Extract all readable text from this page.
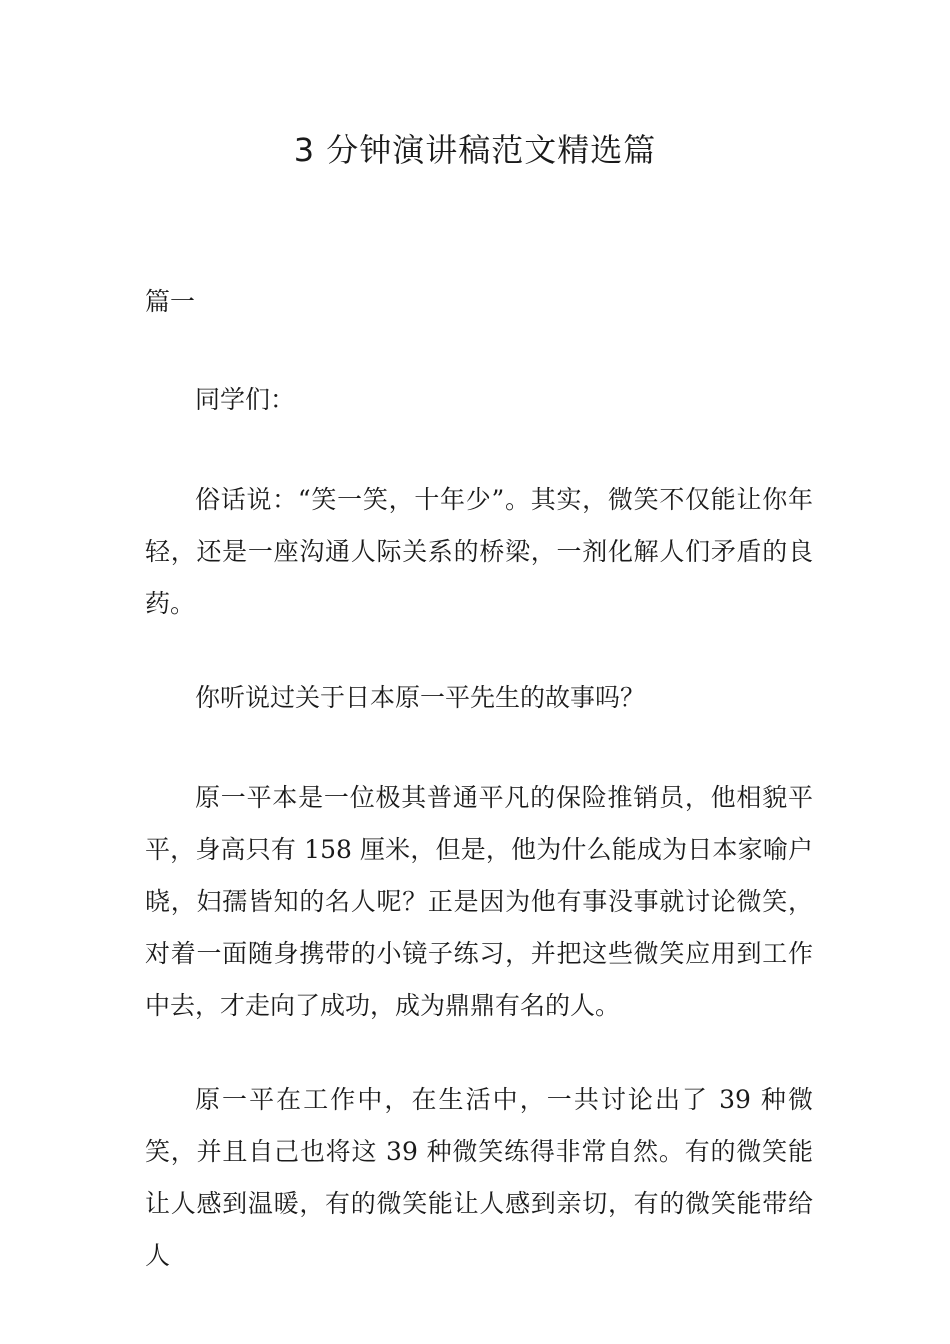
3 分钟演讲稿范文精选篇

篇一

同学们：

俗话说：“笑一笑，十年少”。其实，微笑不仅能让你年轻，还是一座沟通人际关系的桥梁，一剂化解人们矛盾的良药。

你听说过关于日本原一平先生的故事吗？

原一平本是一位极其普通平凡的保险推销员，他相貌平平，身高只有 158 厘米，但是，他为什么能成为日本家喻户晓，妇孺皆知的名人呢？正是因为他有事没事就讨论微笑，对着一面随身携带的小镜子练习，并把这些微笑应用到工作中去，才走向了成功，成为鼎鼎有名的人。

原一平在工作中，在生活中，一共讨论出了 39 种微笑，并且自己也将这 39 种微笑练得非常自然。有的微笑能让人感到温暖，有的微笑能让人感到亲切，有的微笑能带给人
